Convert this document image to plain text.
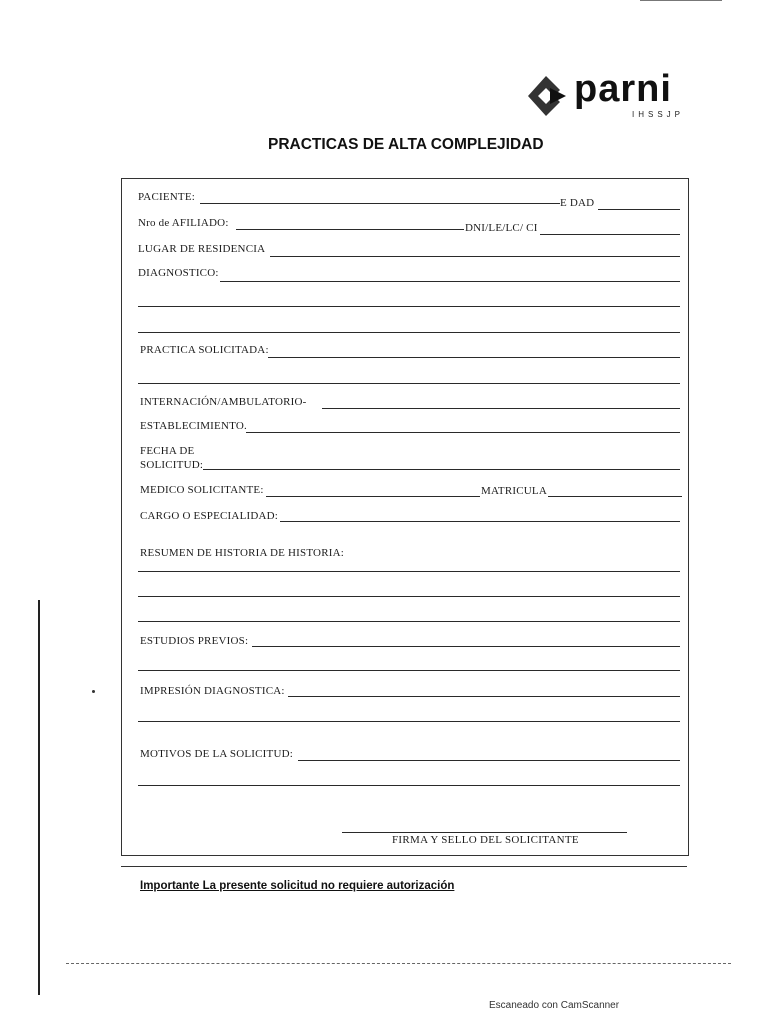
parni
IHSSJP
PRACTICAS DE ALTA COMPLEJIDAD
PACIENTE:	E DAD
Nro de AFILIADO:	DNI/LE/LC/ CI
LUGAR DE RESIDENCIA
DIAGNOSTICO:
PRACTICA SOLICITADA:
INTERNACIÓN/AMBULATORIO-
ESTABLECIMIENTO.
FECHA DE
SOLICITUD:
MEDICO SOLICITANTE:	MATRICULA
CARGO O ESPECIALIDAD:
RESUMEN DE HISTORIA DE HISTORIA:
ESTUDIOS PREVIOS:
IMPRESIÓN DIAGNOSTICA:
MOTIVOS DE LA SOLICITUD:
FIRMA Y SELLO DEL SOLICITANTE
Importante La presente solicitud no requiere autorización
Escaneado con CamScanner
